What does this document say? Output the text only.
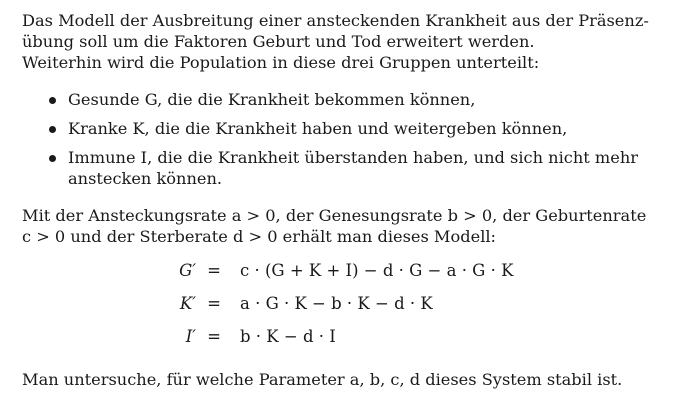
Das Modell der Ausbreitung einer ansteckenden Krankheit aus der Präsenz-
übung soll um die Faktoren Geburt und Tod erweitert werden.
Weiterhin wird die Population in diese drei Gruppen unterteilt:
Gesunde G, die die Krankheit bekommen können,
Kranke K, die die Krankheit haben und weitergeben können,
Immune I, die die Krankheit überstanden haben, und sich nicht mehr
anstecken können.
Mit der Ansteckungsrate a > 0, der Genesungsrate b > 0, der Geburtenrate
c > 0 und der Sterberate d > 0 erhält man dieses Modell:
G′ = c · (G + K + I) − d · G − a · G · K
K′ = a · G · K − b · K − d · K
I′ = b · K − d · I
Man untersuche, für welche Parameter a, b, c, d dieses System stabil ist.
